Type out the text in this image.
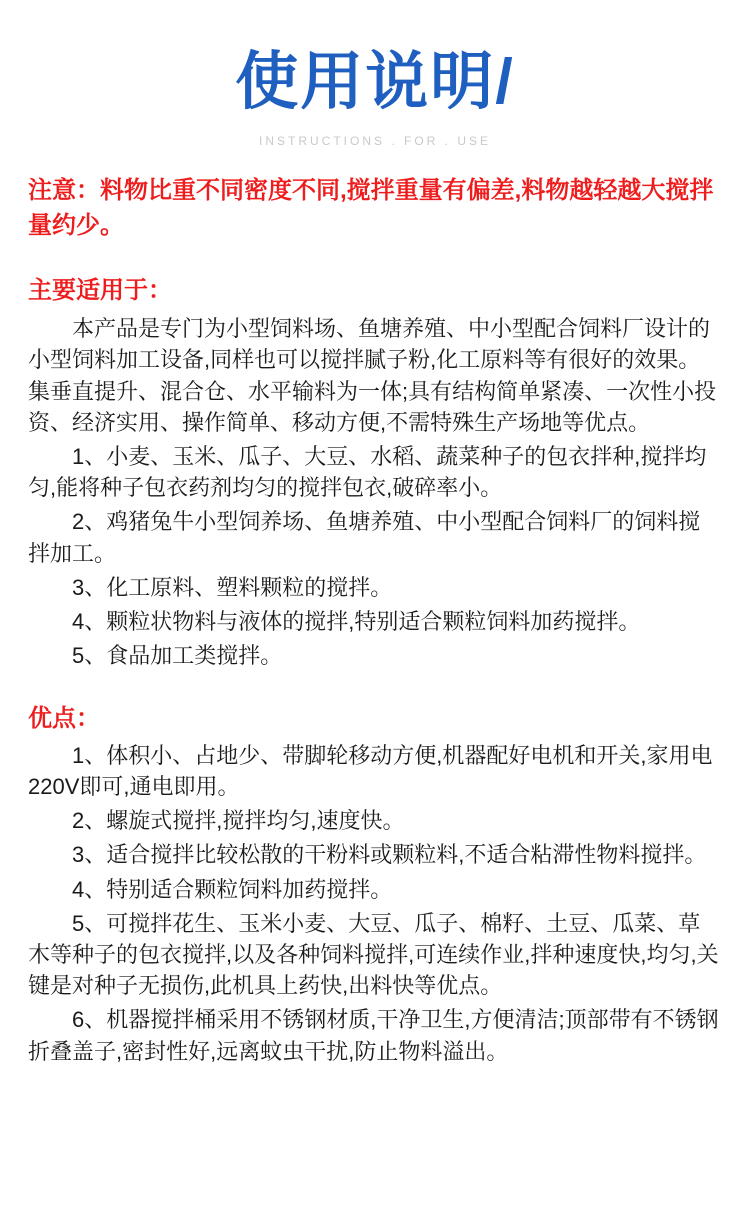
使用说明/
INSTRUCTIONS . FOR . USE
注意：料物比重不同密度不同,搅拌重量有偏差,料物越轻越大搅拌量约少。
主要适用于：

本产品是专门为小型饲料场、鱼塘养殖、中小型配合饲料厂设计的小型饲料加工设备,同样也可以搅拌腻子粉,化工原料等有很好的效果。集垂直提升、混合仓、水平输料为一体;具有结构简单紧凑、一次性小投资、经济实用、操作简单、移动方便,不需特殊生产场地等优点。

1、小麦、玉米、瓜子、大豆、水稻、蔬菜种子的包衣拌种,搅拌均匀,能将种子包衣药剂均匀的搅拌包衣,破碎率小。

2、鸡猪兔牛小型饲养场、鱼塘养殖、中小型配合饲料厂的饲料搅拌加工。

3、化工原料、塑料颗粒的搅拌。

4、颗粒状物料与液体的搅拌,特别适合颗粒饲料加药搅拌。

5、食品加工类搅拌。

优点：

1、体积小、占地少、带脚轮移动方便,机器配好电机和开关,家用电220V即可,通电即用。

2、螺旋式搅拌,搅拌均匀,速度快。

3、适合搅拌比较松散的干粉料或颗粒料,不适合粘滞性物料搅拌。

4、特别适合颗粒饲料加药搅拌。

5、可搅拌花生、玉米小麦、大豆、瓜子、棉籽、土豆、瓜菜、草木等种子的包衣搅拌,以及各种饲料搅拌,可连续作业,拌种速度快,均匀,关键是对种子无损伤,此机具上药快,出料快等优点。

6、机器搅拌桶采用不锈钢材质,干净卫生,方便清洁;顶部带有不锈钢折叠盖子,密封性好,远离蚊虫干扰,防止物料溢出。
